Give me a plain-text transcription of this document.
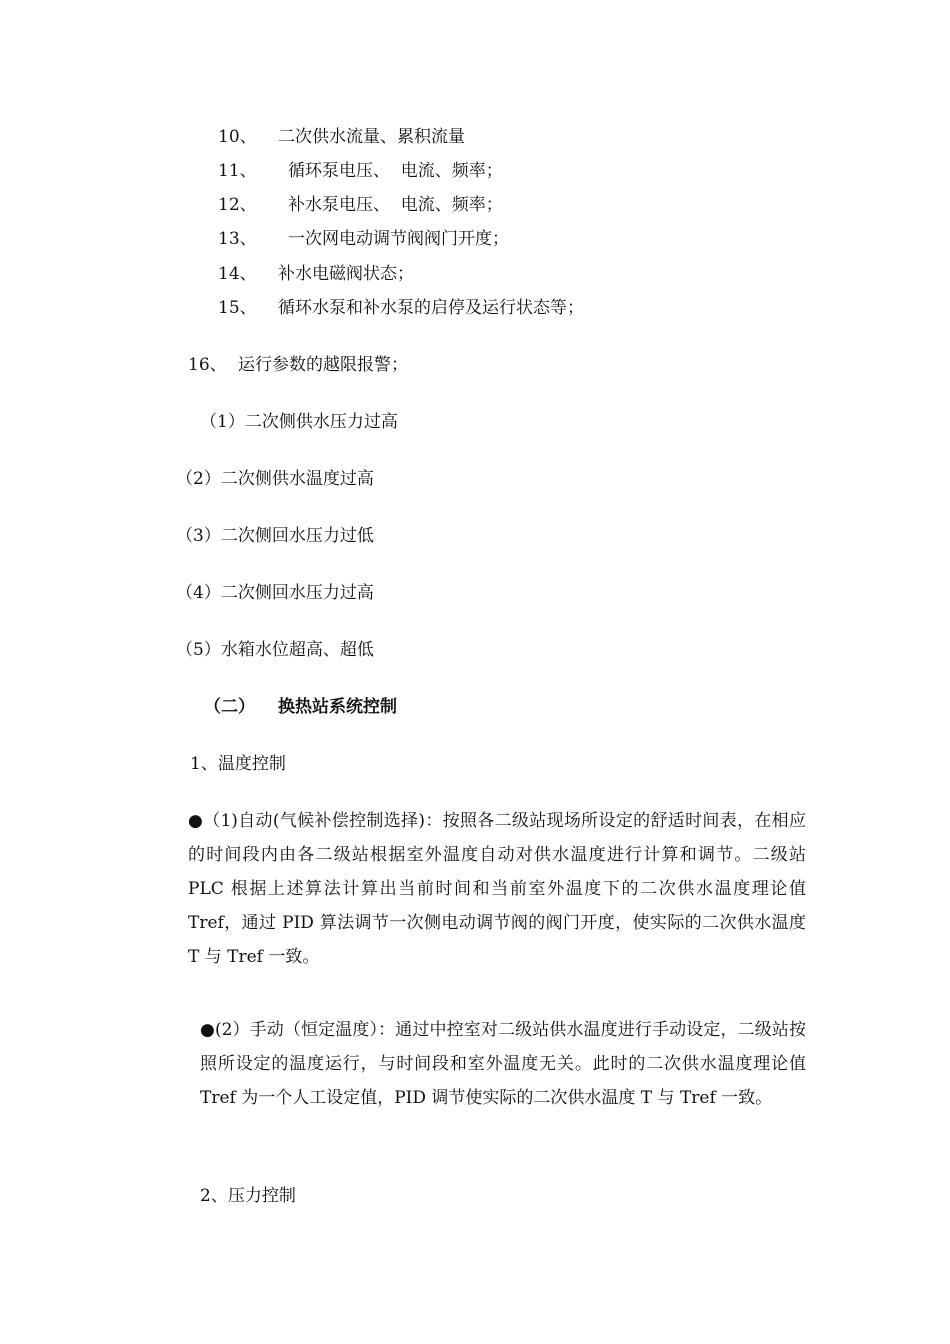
10、 二次供水流量、累积流量
11、 循环泵电压、  电流、频率；
12、 补水泵电压、  电流、频率；
13、 一次网电动调节阀阀门开度；
14、 补水电磁阀状态；
15、 循环水泵和补水泵的启停及运行状态等；
16、 运行参数的越限报警；
（1）二次侧供水压力过高
（2）二次侧供水温度过高
（3）二次侧回水压力过低
（4）二次侧回水压力过高
（5）水箱水位超高、超低
（二） 换热站系统控制
1、温度控制
●（1)自动(气候补偿控制选择)：按照各二级站现场所设定的舒适时间表，在相应的时间段内由各二级站根据室外温度自动对供水温度进行计算和调节。二级站 PLC 根据上述算法计算出当前时间和当前室外温度下的二次供水温度理论值 Tref，通过 PID 算法调节一次侧电动调节阀的阀门开度，使实际的二次供水温度 T 与 Tref 一致。
●(2）手动（恒定温度）：通过中控室对二级站供水温度进行手动设定，二级站按照所设定的温度运行，与时间段和室外温度无关。此时的二次供水温度理论值 Tref 为一个人工设定值，PID 调节使实际的二次供水温度 T 与 Tref 一致。
2、压力控制
